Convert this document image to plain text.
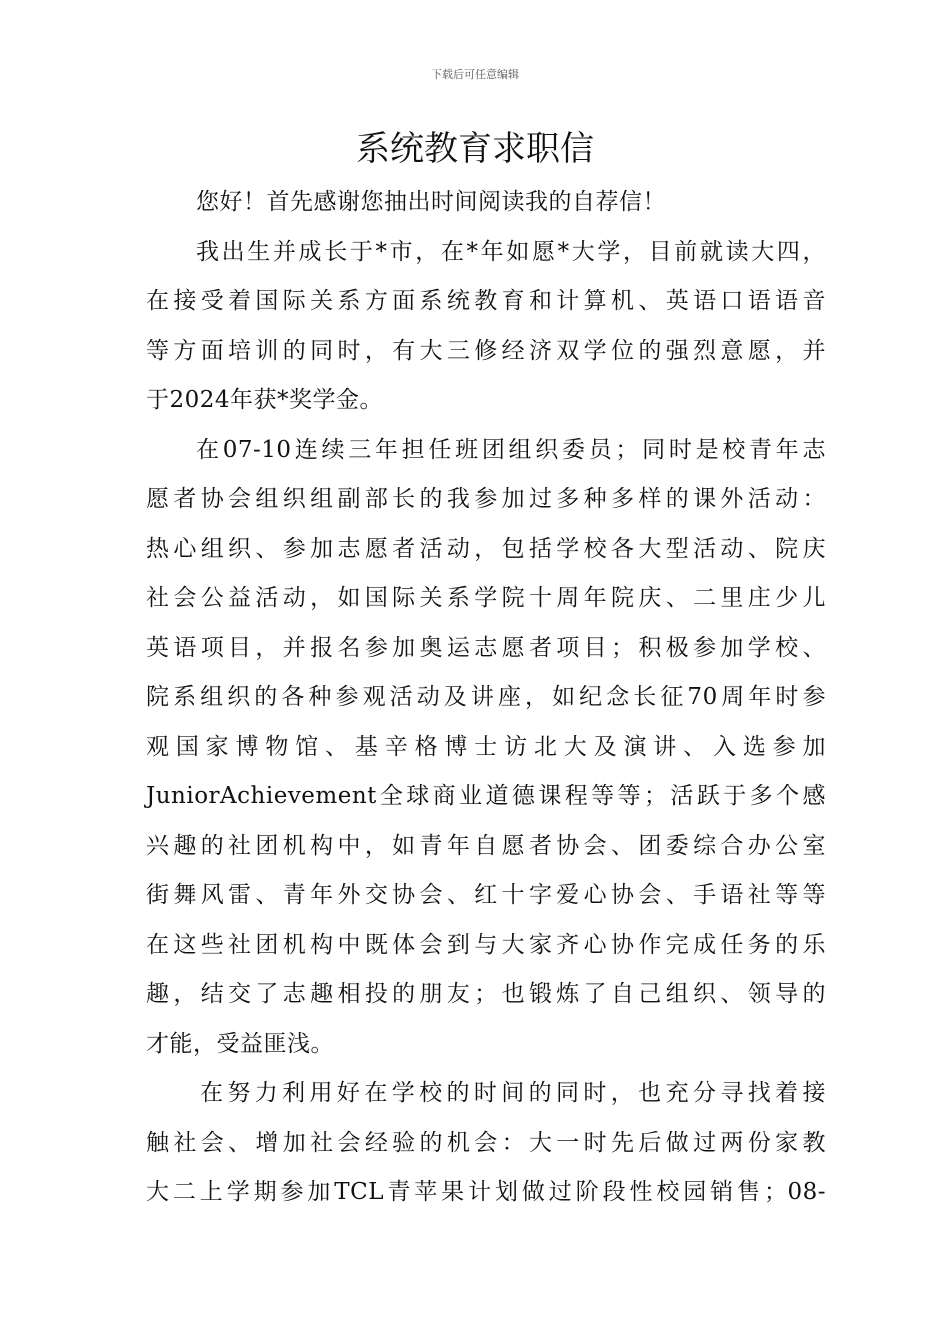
下载后可任意编辑
系统教育求职信
您好！首先感谢您抽出时间阅读我的自荐信！
我出生并成长于*市，在*年如愿*大学，目前就读大四，
在接受着国际关系方面系统教育和计算机、英语口语语音
等方面培训的同时，有大三修经济双学位的强烈意愿，并
于2024年获*奖学金。
在07-10连续三年担任班团组织委员；同时是校青年志
愿者协会组织组副部长的我参加过多种多样的课外活动：
热心组织、参加志愿者活动，包括学校各大型活动、院庆
社会公益活动，如国际关系学院十周年院庆、二里庄少儿
英语项目，并报名参加奥运志愿者项目；积极参加学校、
院系组织的各种参观活动及讲座，如纪念长征70周年时参
观国家博物馆、基辛格博士访北大及演讲、入选参加
JuniorAchievement全球商业道德课程等等；活跃于多个感
兴趣的社团机构中，如青年自愿者协会、团委综合办公室
街舞风雷、青年外交协会、红十字爱心协会、手语社等等
在这些社团机构中既体会到与大家齐心协作完成任务的乐
趣，结交了志趣相投的朋友；也锻炼了自己组织、领导的
才能，受益匪浅。
在努力利用好在学校的时间的同时，也充分寻找着接
触社会、增加社会经验的机会：大一时先后做过两份家教
大二上学期参加TCL青苹果计划做过阶段性校园销售；08-
